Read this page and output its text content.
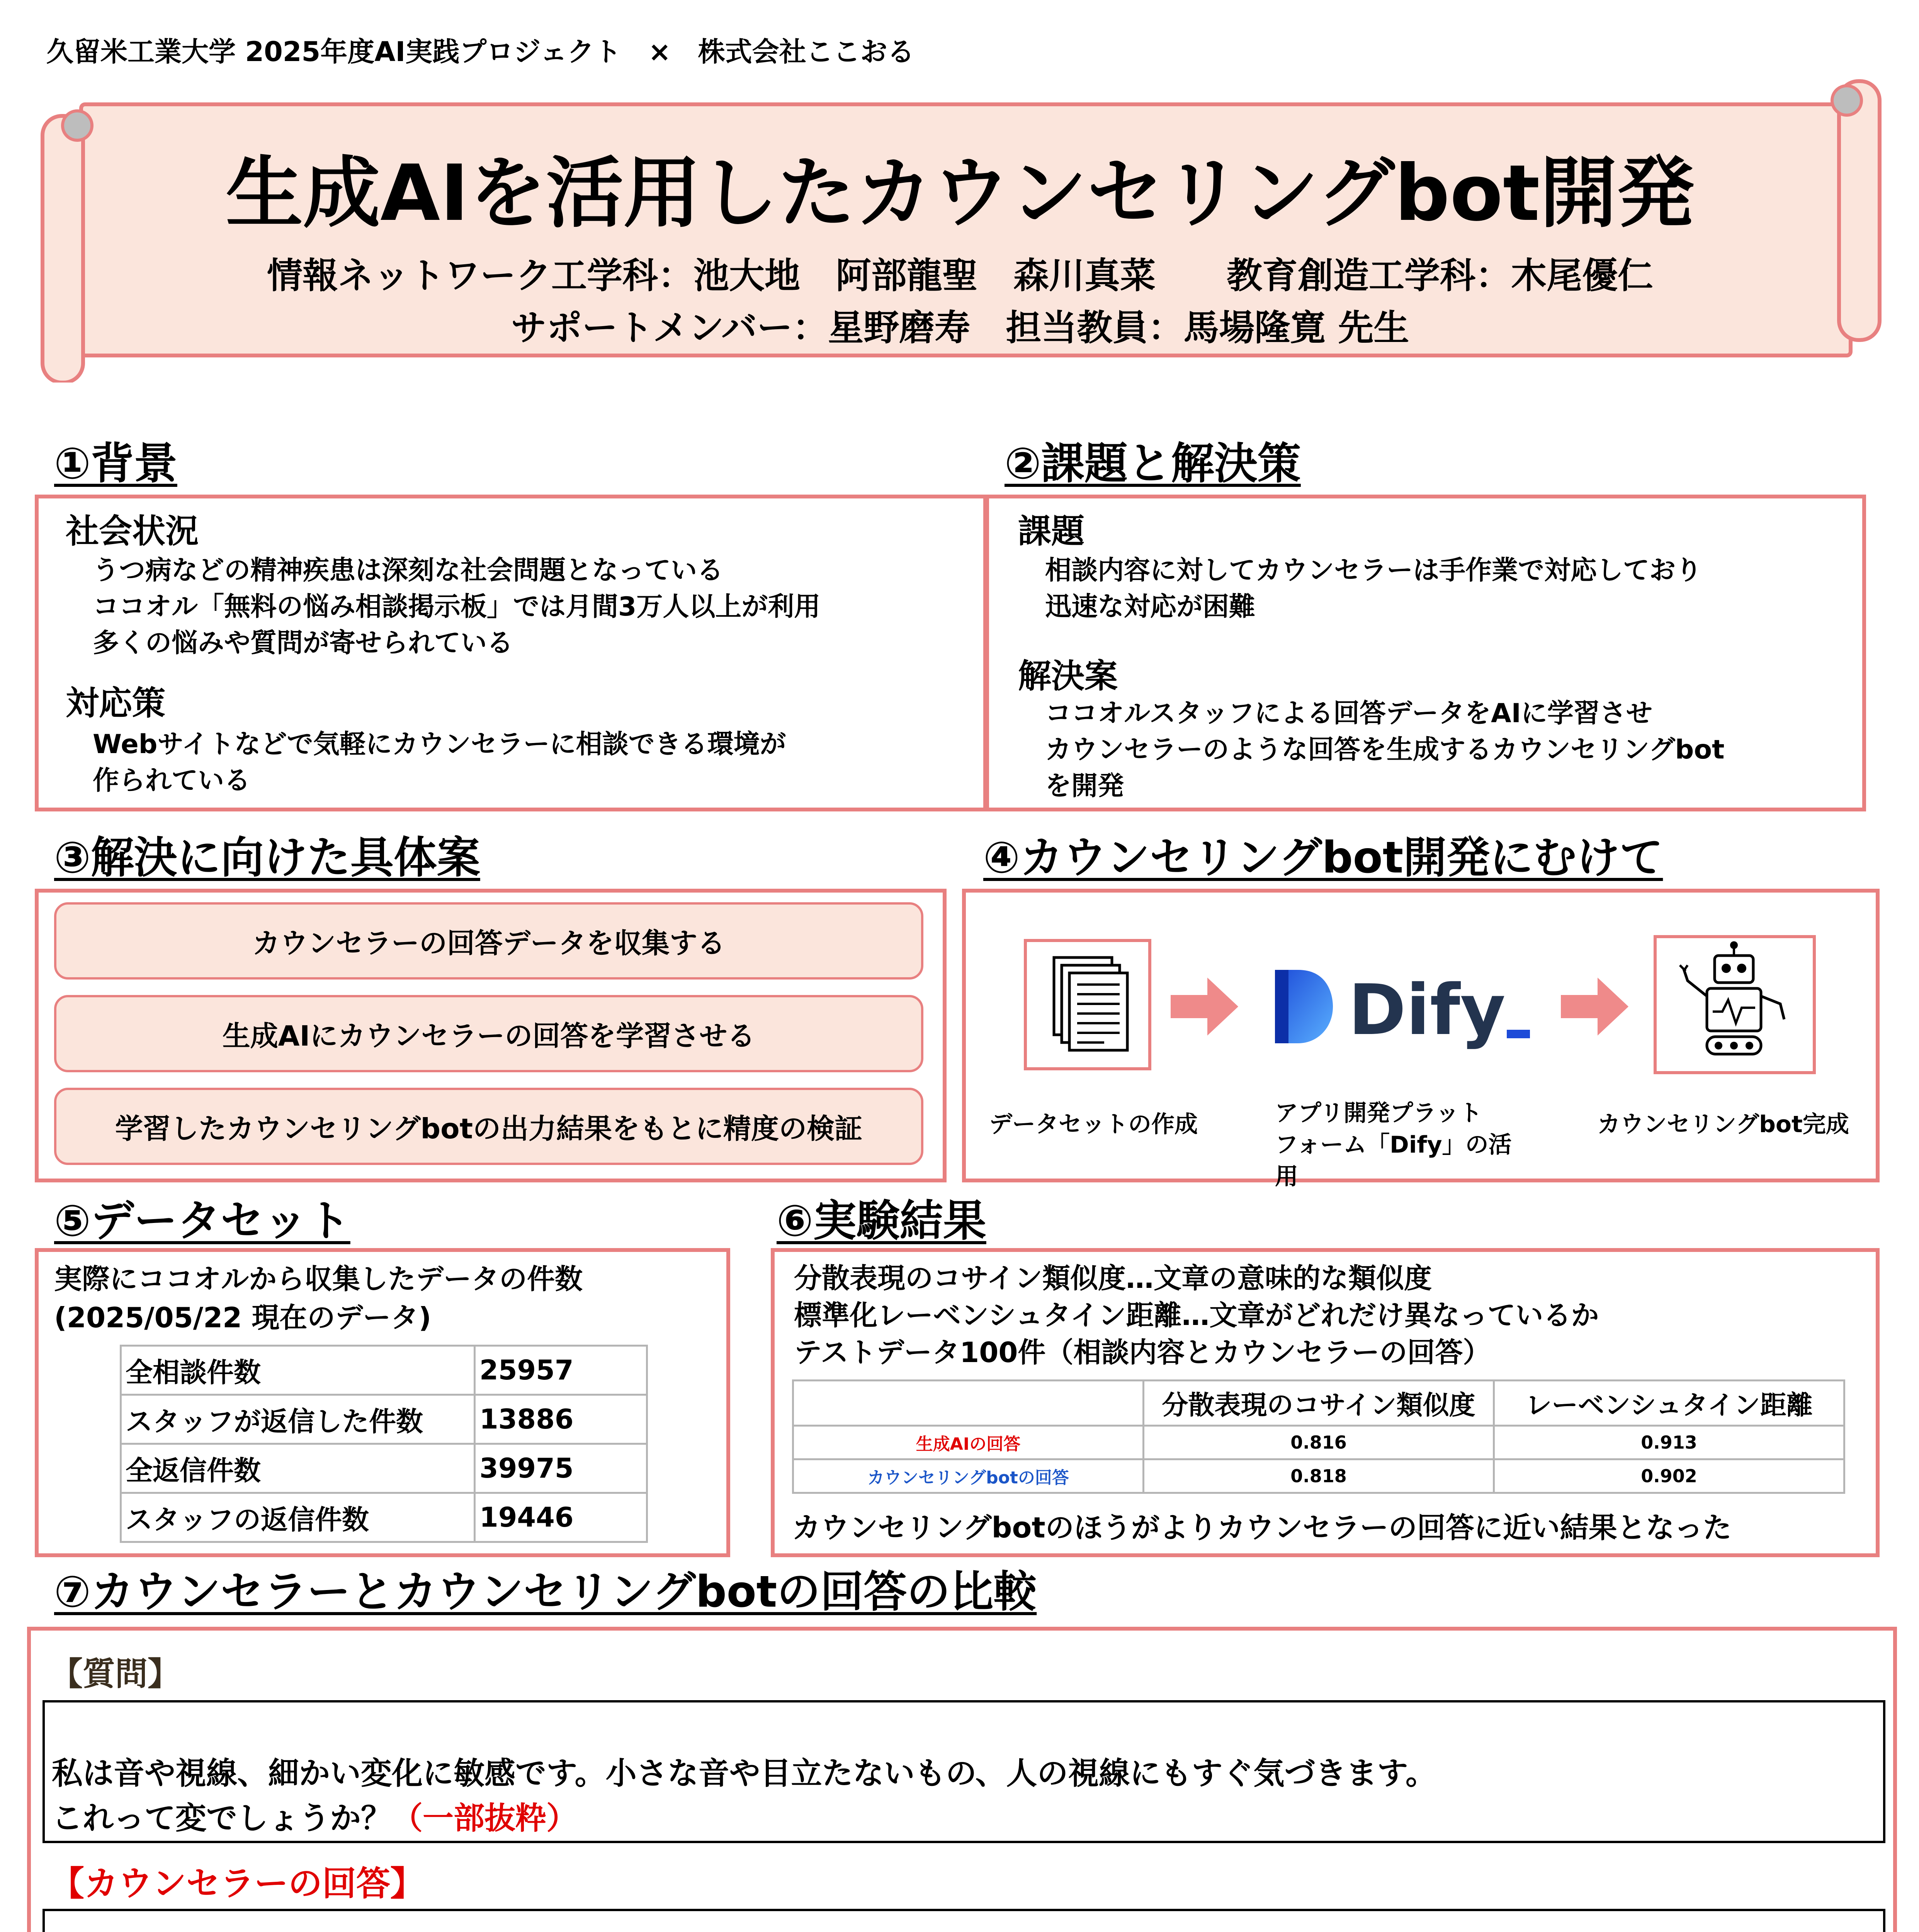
久留米工業大学 2025年度AI実践プロジェクト　×　株式会社ここおる
生成AIを活用したカウンセリングbot開発
情報ネットワーク工学科：池大地　阿部龍聖　森川真菜　　教育創造工学科：木尾優仁
サポートメンバー：星野磨寿　担当教員：馬場隆寛 先生
①背景
社会状況
うつ病などの精神疾患は深刻な社会問題となっている
ココオル「無料の悩み相談掲示板」では月間3万人以上が利用
多くの悩みや質問が寄せられている
対応策
Webサイトなどで気軽にカウンセラーに相談できる環境が
作られている
②課題と解決策
課題
相談内容に対してカウンセラーは手作業で対応しており
迅速な対応が困難
解決案
ココオルスタッフによる回答データをAIに学習させ
カウンセラーのような回答を生成するカウンセリングbot
を開発
③解決に向けた具体案
カウンセラーの回答データを収集する
生成AIにカウンセラーの回答を学習させる
学習したカウンセリングbotの出力結果をもとに精度の検証
④カウンセリングbot開発にむけて
Dify
データセットの作成	アプリ開発プラット
フォーム「Dify」の活用
カウンセリングbot完成
⑤データセット
実際にココオルから収集したデータの件数
(2025/05/22 現在のデータ)
全相談件数	25957
スタッフが返信した件数	13886
全返信件数	39975
スタッフの返信件数	19446
⑥実験結果
分散表現のコサイン類似度…文章の意味的な類似度
標準化レーベンシュタイン距離…文章がどれだけ異なっているか
テストデータ100件（相談内容とカウンセラーの回答）
	分散表現のコサイン類似度	レーベンシュタイン距離
生成AIの回答	0.816	0.913
カウンセリングbotの回答	0.818	0.902
カウンセリングbotのほうがよりカウンセラーの回答に近い結果となった
⑦カウンセラーとカウンセリングbotの回答の比較
【質問】

私は音や視線、細かい変化に敏感です。小さな音や目立たないもの、人の視線にもすぐ気づきます。
これって変でしょうか？（一部抜粋）

【カウンセラーの回答】
